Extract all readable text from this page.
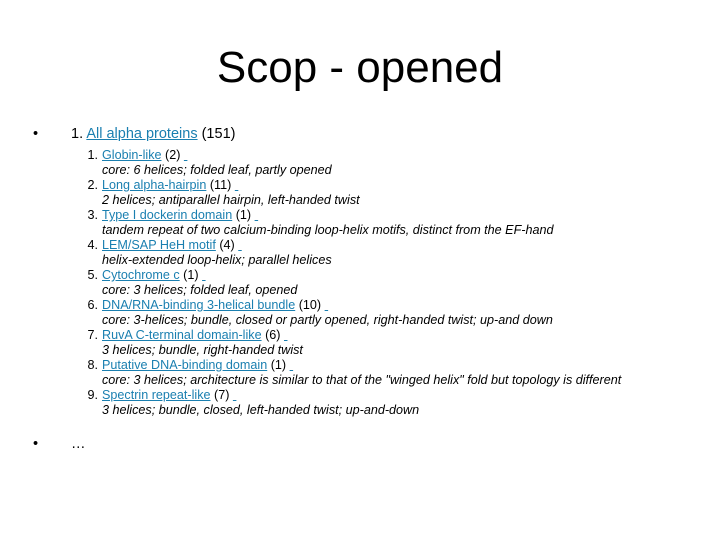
Scop - opened
•	1. All alpha proteins (151)
1. Globin-like (2)
core: 6 helices; folded leaf, partly opened
2. Long alpha-hairpin (11)
2 helices; antiparallel hairpin, left-handed twist
3. Type I dockerin domain (1)
tandem repeat of two calcium-binding loop-helix motifs, distinct from the EF-hand
4. LEM/SAP HeH motif (4)
helix-extended loop-helix; parallel helices
5. Cytochrome c (1)
core: 3 helices; folded leaf, opened
6. DNA/RNA-binding 3-helical bundle (10)
core: 3-helices; bundle, closed or partly opened, right-handed twist; up-and down
7. RuvA C-terminal domain-like (6)
3 helices; bundle, right-handed twist
8. Putative DNA-binding domain (1)
core: 3 helices; architecture is similar to that of the "winged helix" fold but topology is different
9. Spectrin repeat-like (7)
3 helices; bundle, closed, left-handed twist; up-and-down
•	…
